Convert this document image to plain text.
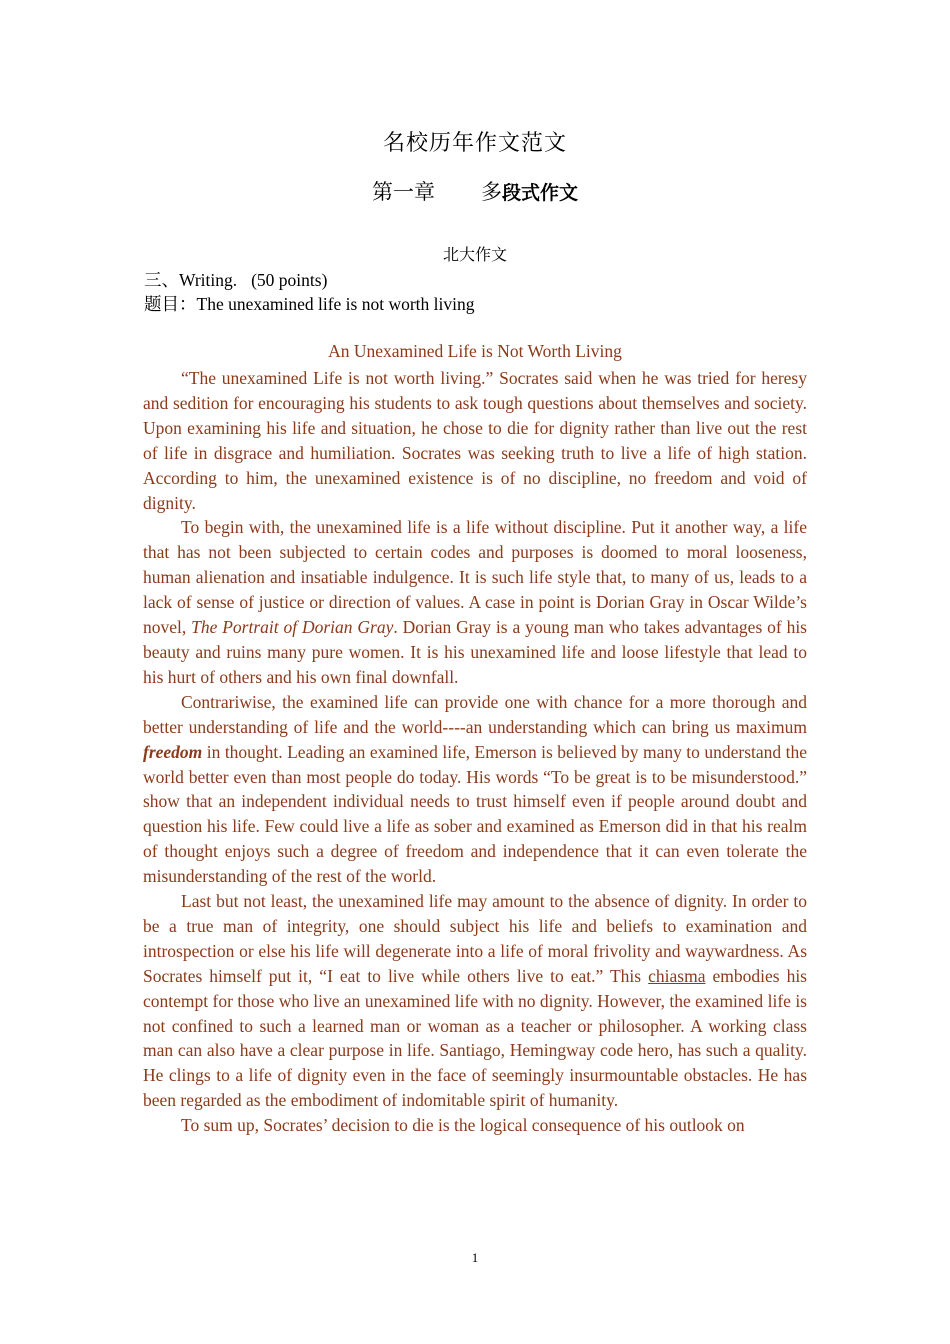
名校历年作文范文
第一章 多段式作文
北大作文
三、Writing. (50 points)
题目：The unexamined life is not worth living
An Unexamined Life is Not Worth Living

“The unexamined Life is not worth living.” Socrates said when he was tried for heresy and sedition for encouraging his students to ask tough questions about themselves and society. Upon examining his life and situation, he chose to die for dignity rather than live out the rest of life in disgrace and humiliation. Socrates was seeking truth to live a life of high station. According to him, the unexamined existence is of no discipline, no freedom and void of dignity.

To begin with, the unexamined life is a life without discipline. Put it another way, a life that has not been subjected to certain codes and purposes is doomed to moral looseness, human alienation and insatiable indulgence. It is such life style that, to many of us, leads to a lack of sense of justice or direction of values. A case in point is Dorian Gray in Oscar Wilde’s novel, The Portrait of Dorian Gray. Dorian Gray is a young man who takes advantages of his beauty and ruins many pure women. It is his unexamined life and loose lifestyle that lead to his hurt of others and his own final downfall.

Contrariwise, the examined life can provide one with chance for a more thorough and better understanding of life and the world----an understanding which can bring us maximum freedom in thought. Leading an examined life, Emerson is believed by many to understand the world better even than most people do today. His words “To be great is to be misunderstood.” show that an independent individual needs to trust himself even if people around doubt and question his life. Few could live a life as sober and examined as Emerson did in that his realm of thought enjoys such a degree of freedom and independence that it can even tolerate the misunderstanding of the rest of the world.

Last but not least, the unexamined life may amount to the absence of dignity. In order to be a true man of integrity, one should subject his life and beliefs to examination and introspection or else his life will degenerate into a life of moral frivolity and waywardness. As Socrates himself put it, “I eat to live while others live to eat.” This chiasma embodies his contempt for those who live an unexamined life with no dignity. However, the examined life is not confined to such a learned man or woman as a teacher or philosopher. A working class man can also have a clear purpose in life. Santiago, Hemingway code hero, has such a quality. He clings to a life of dignity even in the face of seemingly insurmountable obstacles. He has been regarded as the embodiment of indomitable spirit of humanity.

To sum up, Socrates’ decision to die is the logical consequence of his outlook on

1
